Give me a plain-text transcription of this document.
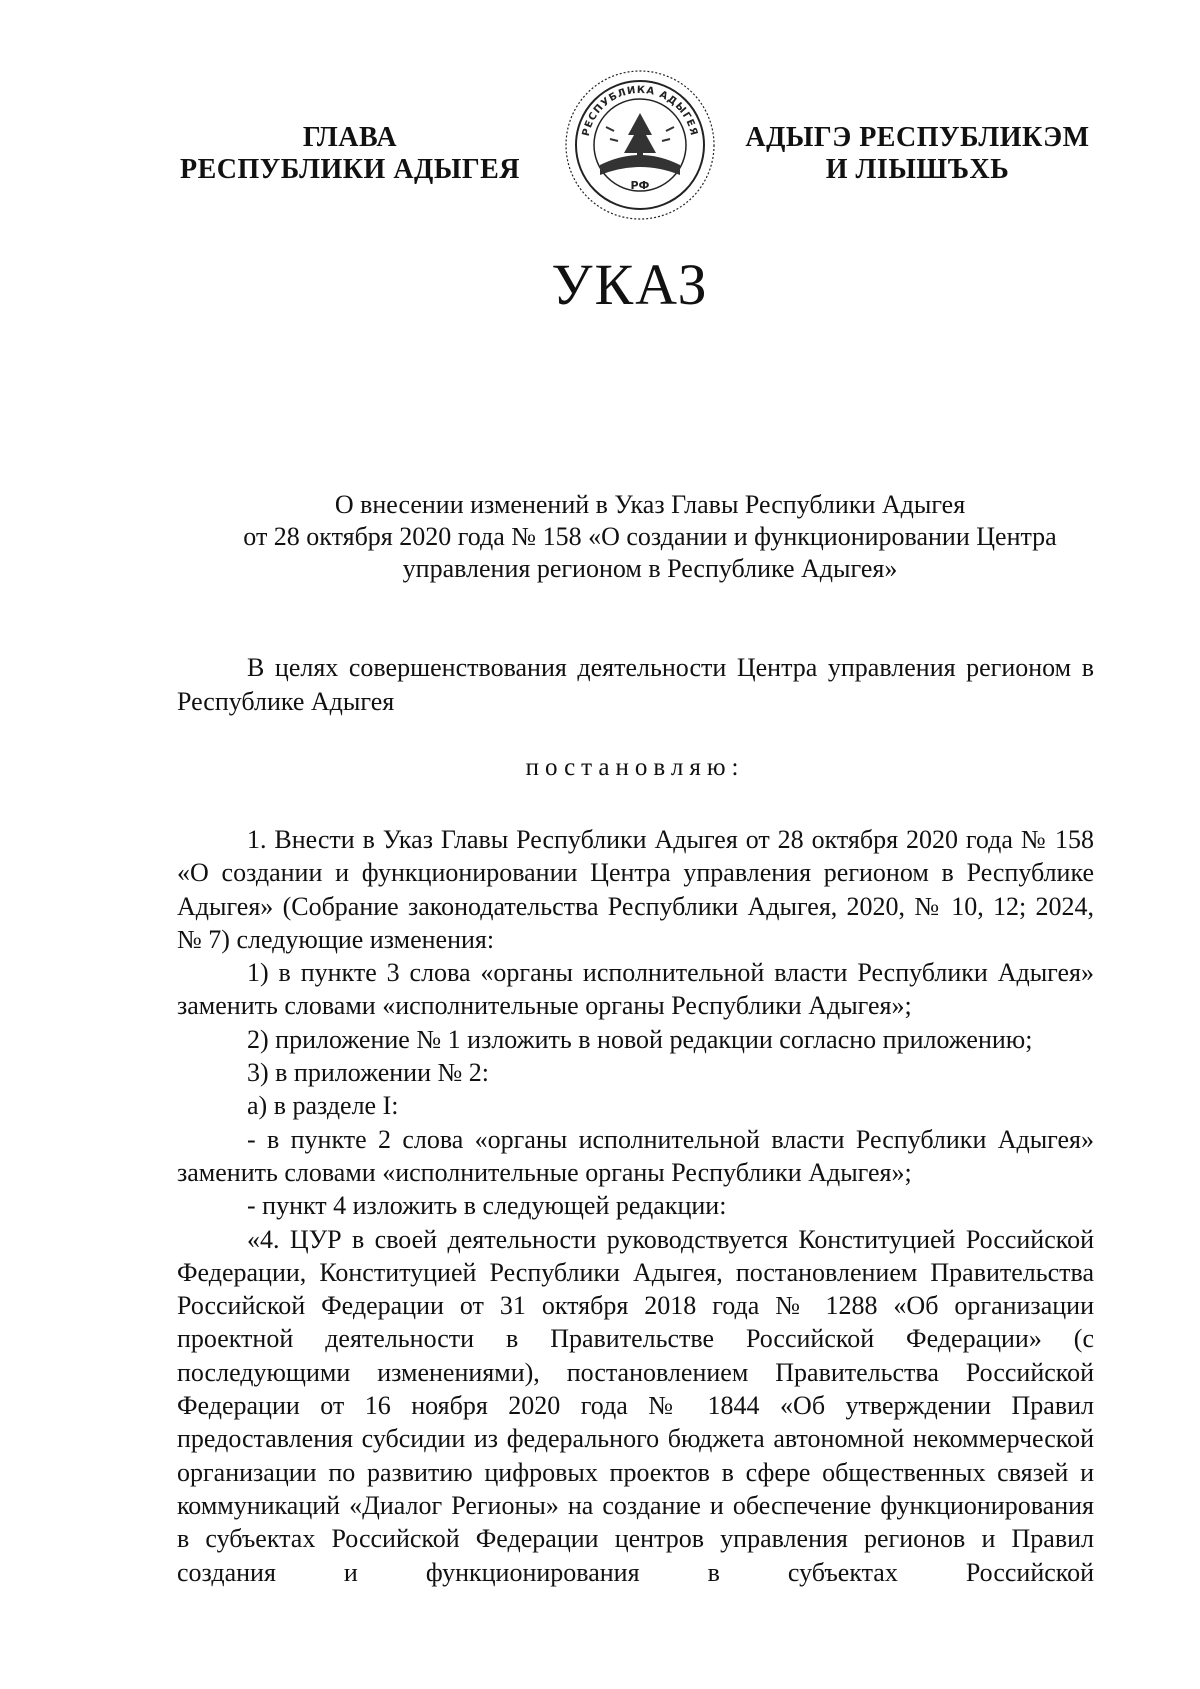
ГЛАВА
РЕСПУБЛИКИ АДЫГЕЯ
РЕСПУБЛИКА АДЫГЕЯ
РФ
АДЫГЭ РЕСПУБЛИКЭМ
И ЛІЫШЪХЬ
УКАЗ
О внесении изменений в Указ Главы Республики Адыгея
от 28 октября 2020 года № 158 «О создании и функционировании Центра
управления регионом в Республике Адыгея»
В целях совершенствования деятельности Центра управления регионом в Республике Адыгея
постановляю:

1. Внести в Указ Главы Республики Адыгея от 28 октября 2020 года № 158 «О создании и функционировании Центра управления регионом в Республике Адыгея» (Собрание законодательства Республики Адыгея, 2020, № 10, 12; 2024, № 7) следующие изменения:

1) в пункте 3 слова «органы исполнительной власти Республики Адыгея» заменить словами «исполнительные органы Республики Адыгея»;

2) приложение № 1 изложить в новой редакции согласно приложению;

3) в приложении № 2:

а) в разделе I:

- в пункте 2 слова «органы исполнительной власти Республики Адыгея» заменить словами «исполнительные органы Республики Адыгея»;

- пункт 4 изложить в следующей редакции:

«4. ЦУР в своей деятельности руководствуется Конституцией Российской Федерации, Конституцией Республики Адыгея, постановлением Правительства Российской Федерации от 31 октября 2018 года № 1288 «Об организации проектной деятельности в Правительстве Российской Федерации» (с последующими изменениями), постановлением Правительства Российской Федерации от 16 ноября 2020 года № 1844 «Об утверждении Правил предоставления субсидии из федерального бюджета автономной некоммерческой организации по развитию цифровых проектов в сфере общественных связей и коммуникаций «Диалог Регионы» на создание и обеспечение функционирования в субъектах Российской Федерации центров управления регионов и Правил создания и функционирования в субъектах Российской
